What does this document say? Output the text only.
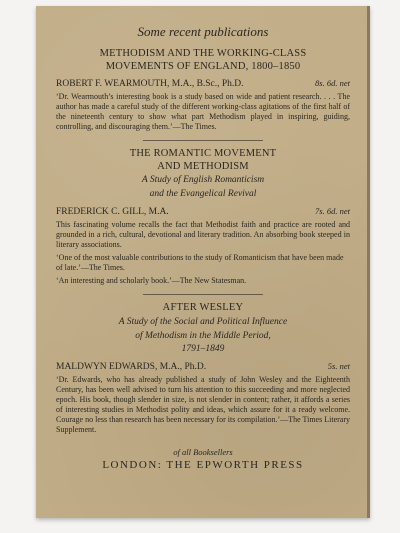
Some recent publications

METHODISM AND THE WORKING-CLASS

MOVEMENTS OF ENGLAND, 1800–1850

ROBERT F. WEARMOUTH, M.A., B.Sc., Ph.D.	8s. 6d. net

‘Dr. Wearmouth’s interesting book is a study based on wide and patient research. . . . The author has made a careful study of the different working-class agitations of the first half of the nineteenth century to show what part Methodism played in inspiring, guiding, controlling, and discouraging them.’—The Times.

THE ROMANTIC MOVEMENT

AND METHODISM

A Study of English Romanticism

and the Evangelical Revival

FREDERICK C. GILL, M.A.	7s. 6d. net

This fascinating volume recalls the fact that Methodist faith and practice are rooted and grounded in a rich, cultural, devotional and literary tradition. An absorbing book steeped in literary associations.

‘One of the most valuable contributions to the study of Romanticism that have been made of late.’—The Times.

‘An interesting and scholarly book.’—The New Statesman.

AFTER WESLEY

A Study of the Social and Political Influence

of Methodism in the Middle Period,

1791–1849

MALDWYN EDWARDS, M.A., Ph.D.	5s. net

‘Dr. Edwards, who has already published a study of John Wesley and the Eighteenth Century, has been well advised to turn his attention to this succeeding and more neglected epoch. His book, though slender in size, is not slender in content; rather, it affords a series of interesting studies in Methodist polity and ideas, which assure for it a ready welcome. Courage no less than research has been necessary for its compilation.’—The Times Literary Supplement.

of all Booksellers

LONDON: THE EPWORTH PRESS
